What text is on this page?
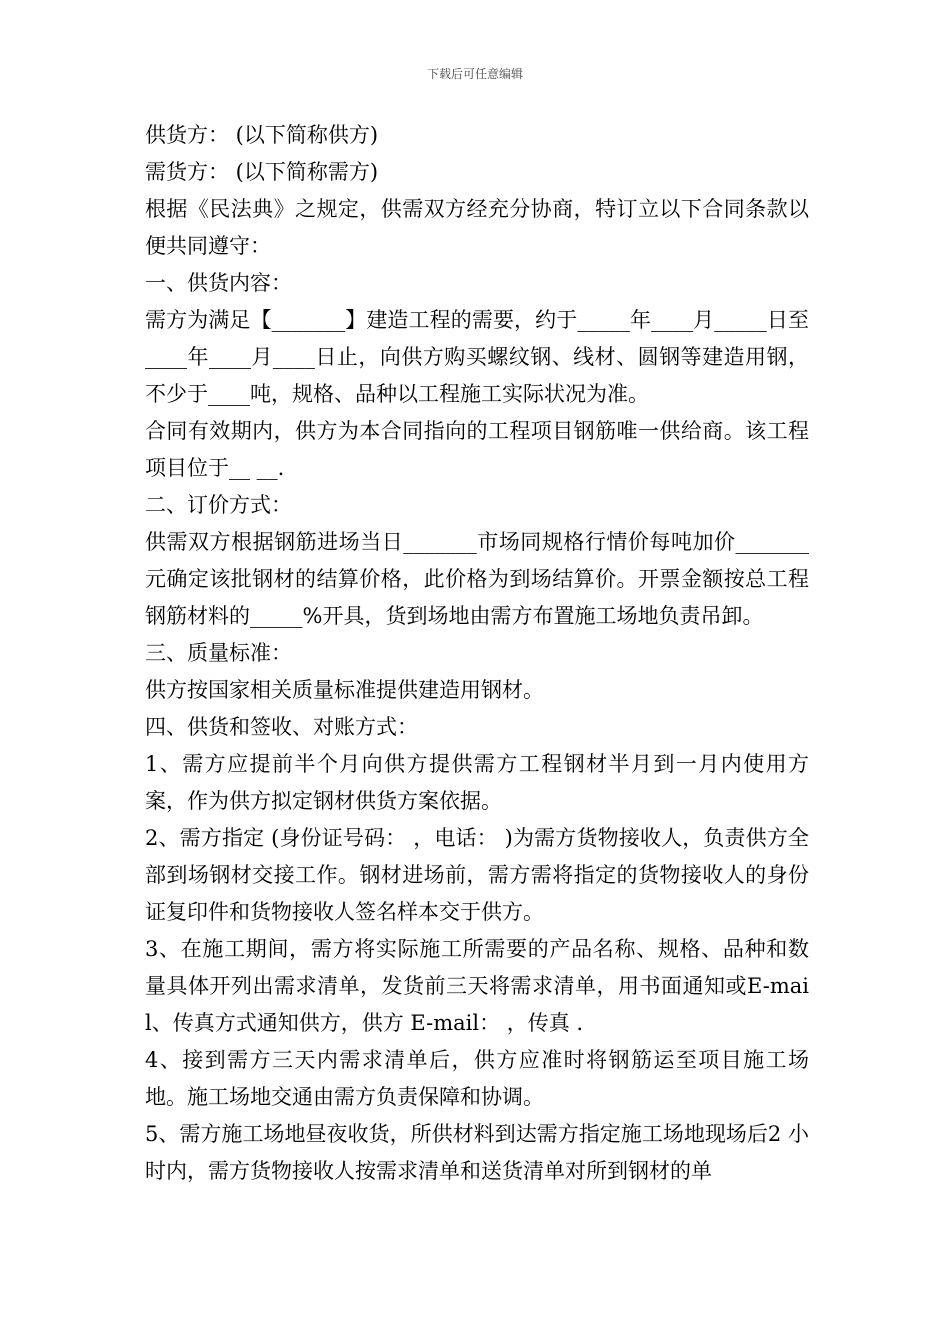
下载后可任意编辑

供货方： (以下简称供方)

需货方： (以下简称需方)

根据《民法典》之规定，供需双方经充分协商，特订立以下合同条款以便共同遵守：

一、供货内容：

需方为满足【_______】建造工程的需要，约于_____年____月_____日至____年____月____日止，向供方购买螺纹钢、线材、圆钢等建造用钢，不少于____吨，规格、品种以工程施工实际状况为准。

合同有效期内，供方为本合同指向的工程项目钢筋唯一供给商。该工程项目位于__ __.

二、订价方式：

供需双方根据钢筋进场当日_______市场同规格行情价每吨加价_______元确定该批钢材的结算价格，此价格为到场结算价。开票金额按总工程钢筋材料的_____%开具，货到场地由需方布置施工场地负责吊卸。

三、质量标准：

供方按国家相关质量标准提供建造用钢材。

四、供货和签收、对账方式：

1、需方应提前半个月向供方提供需方工程钢材半月到一月内使用方案，作为供方拟定钢材供货方案依据。

2、需方指定 (身份证号码： ，电话： )为需方货物接收人，负责供方全部到场钢材交接工作。钢材进场前，需方需将指定的货物接收人的身份证复印件和货物接收人签名样本交于供方。

3、在施工期间，需方将实际施工所需要的产品名称、规格、品种和数量具体开列出需求清单，发货前三天将需求清单，用书面通知或E-mail、传真方式通知供方，供方 E-mail： ，传真 .

4、接到需方三天内需求清单后，供方应准时将钢筋运至项目施工场地。施工场地交通由需方负责保障和协调。

5、需方施工场地昼夜收货，所供材料到达需方指定施工场地现场后2 小时内，需方货物接收人按需求清单和送货清单对所到钢材的单
